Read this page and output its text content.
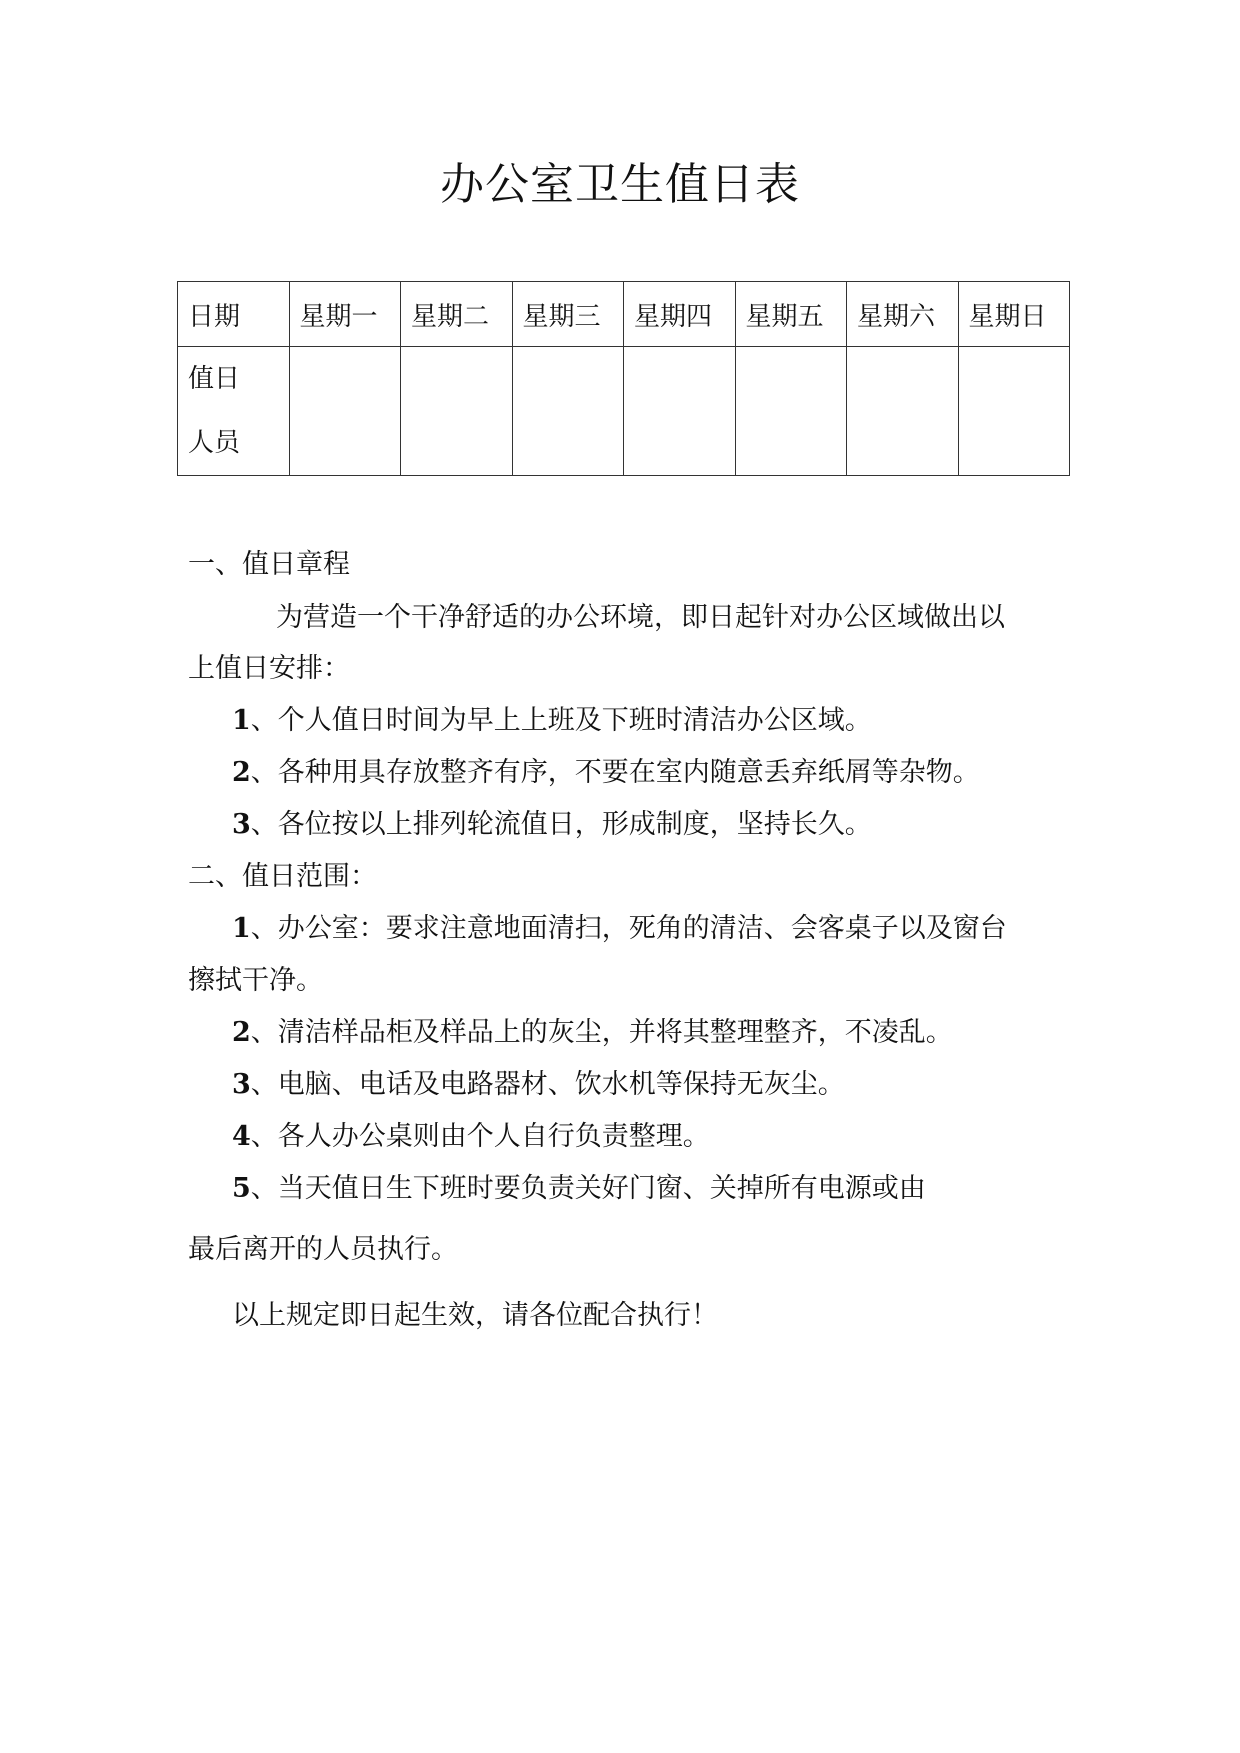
办公室卫生值日表
日期	星期一	星期二	星期三	星期四	星期五	星期六	星期日

值日
人员							

一、值日章程
为营造一个干净舒适的办公环境，即日起针对办公区域做出以
上值日安排：
1、个人值日时间为早上上班及下班时清洁办公区域。
2、各种用具存放整齐有序，不要在室内随意丢弃纸屑等杂物。
3、各位按以上排列轮流值日，形成制度，坚持长久。
二、值日范围：
1、办公室：要求注意地面清扫，死角的清洁、会客桌子以及窗台
擦拭干净。
2、清洁样品柜及样品上的灰尘，并将其整理整齐，不凌乱。
3、电脑、电话及电路器材、饮水机等保持无灰尘。
4、各人办公桌则由个人自行负责整理。
5、当天值日生下班时要负责关好门窗、关掉所有电源或由
最后离开的人员执行。
以上规定即日起生效，请各位配合执行！
